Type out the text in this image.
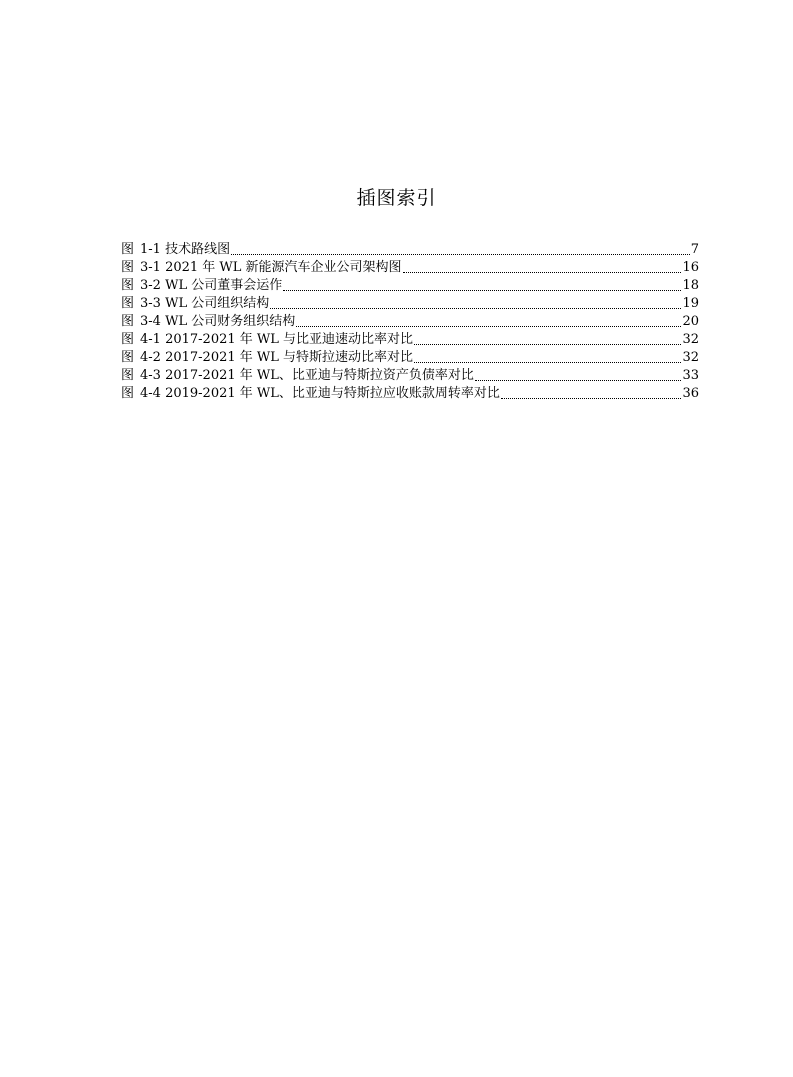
插图索引
图 1-1 技术路线图	7
图 3-1 2021 年 WL 新能源汽车企业公司架构图	16
图 3-2 WL 公司董事会运作	18
图 3-3 WL 公司组织结构	19
图 3-4 WL 公司财务组织结构	20
图 4-1 2017-2021 年 WL 与比亚迪速动比率对比	32
图 4-2 2017-2021 年 WL 与特斯拉速动比率对比	32
图 4-3 2017-2021 年 WL、比亚迪与特斯拉资产负债率对比	33
图 4-4 2019-2021 年 WL、比亚迪与特斯拉应收账款周转率对比	36
